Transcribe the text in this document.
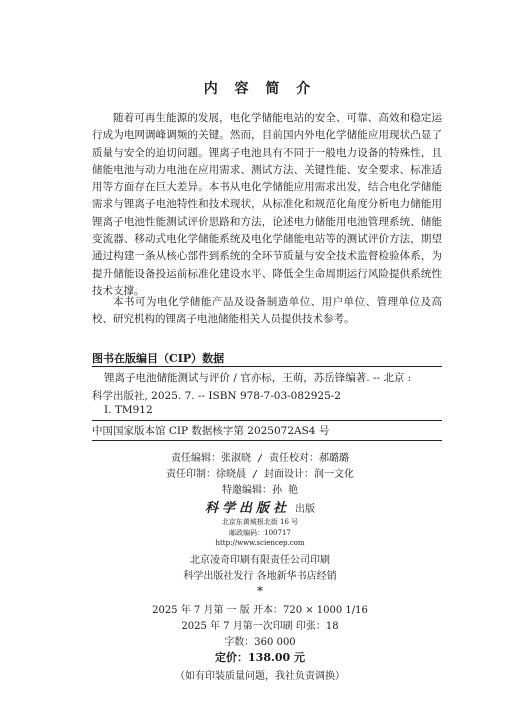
内 容 简 介

随着可再生能源的发展，电化学储能电站的安全、可靠、高效和稳定运行成为电网调峰调频的关键。然而，目前国内外电化学储能应用现状凸显了质量与安全的迫切问题。锂离子电池具有不同于一般电力设备的特殊性，且储能电池与动力电池在应用需求、测试方法、关键性能、安全要求、标准适用等方面存在巨大差异。本书从电化学储能应用需求出发，结合电化学储能需求与锂离子电池特性和技术现状，从标准化和规范化角度分析电力储能用锂离子电池性能测试评价思路和方法，论述电力储能用电池管理系统、储能变流器、移动式电化学储能系统及电化学储能电站等的测试评价方法，期望通过构建一条从核心部件到系统的全环节质量与安全技术监督检验体系，为提升储能设备投运前标准化建设水平、降低全生命周期运行风险提供系统性技术支撑。

本书可为电化学储能产品及设备制造单位、用户单位、管理单位及高校、研究机构的锂离子电池储能相关人员提供技术参考。

图书在版编目（CIP）数据
锂离子电池储能测试与评价 / 官亦标，王萌，苏岳锋编著. -- 北京 :
科学出版社, 2025. 7. -- ISBN 978-7-03-082925-2
Ⅰ. TM912
中国国家版本馆 CIP 数据核字第 2025072AS4 号
责任编辑：张淑晓 / 责任校对：郝璐璐
责任印制：徐晓晨 / 封面设计：润一文化
特邀编辑：孙 艳
科学出版社 出版
北京东黄城根北街 16 号
邮政编码：100717
http://www.sciencep.com
北京凌奇印刷有限责任公司印刷
科学出版社发行 各地新华书店经销
*
2025 年 7 月第 一 版 开本：720 × 1000 1/16
2025 年 7 月第一次印刷 印张：18
字数：360 000
定价：138.00 元
（如有印装质量问题，我社负责调换）
